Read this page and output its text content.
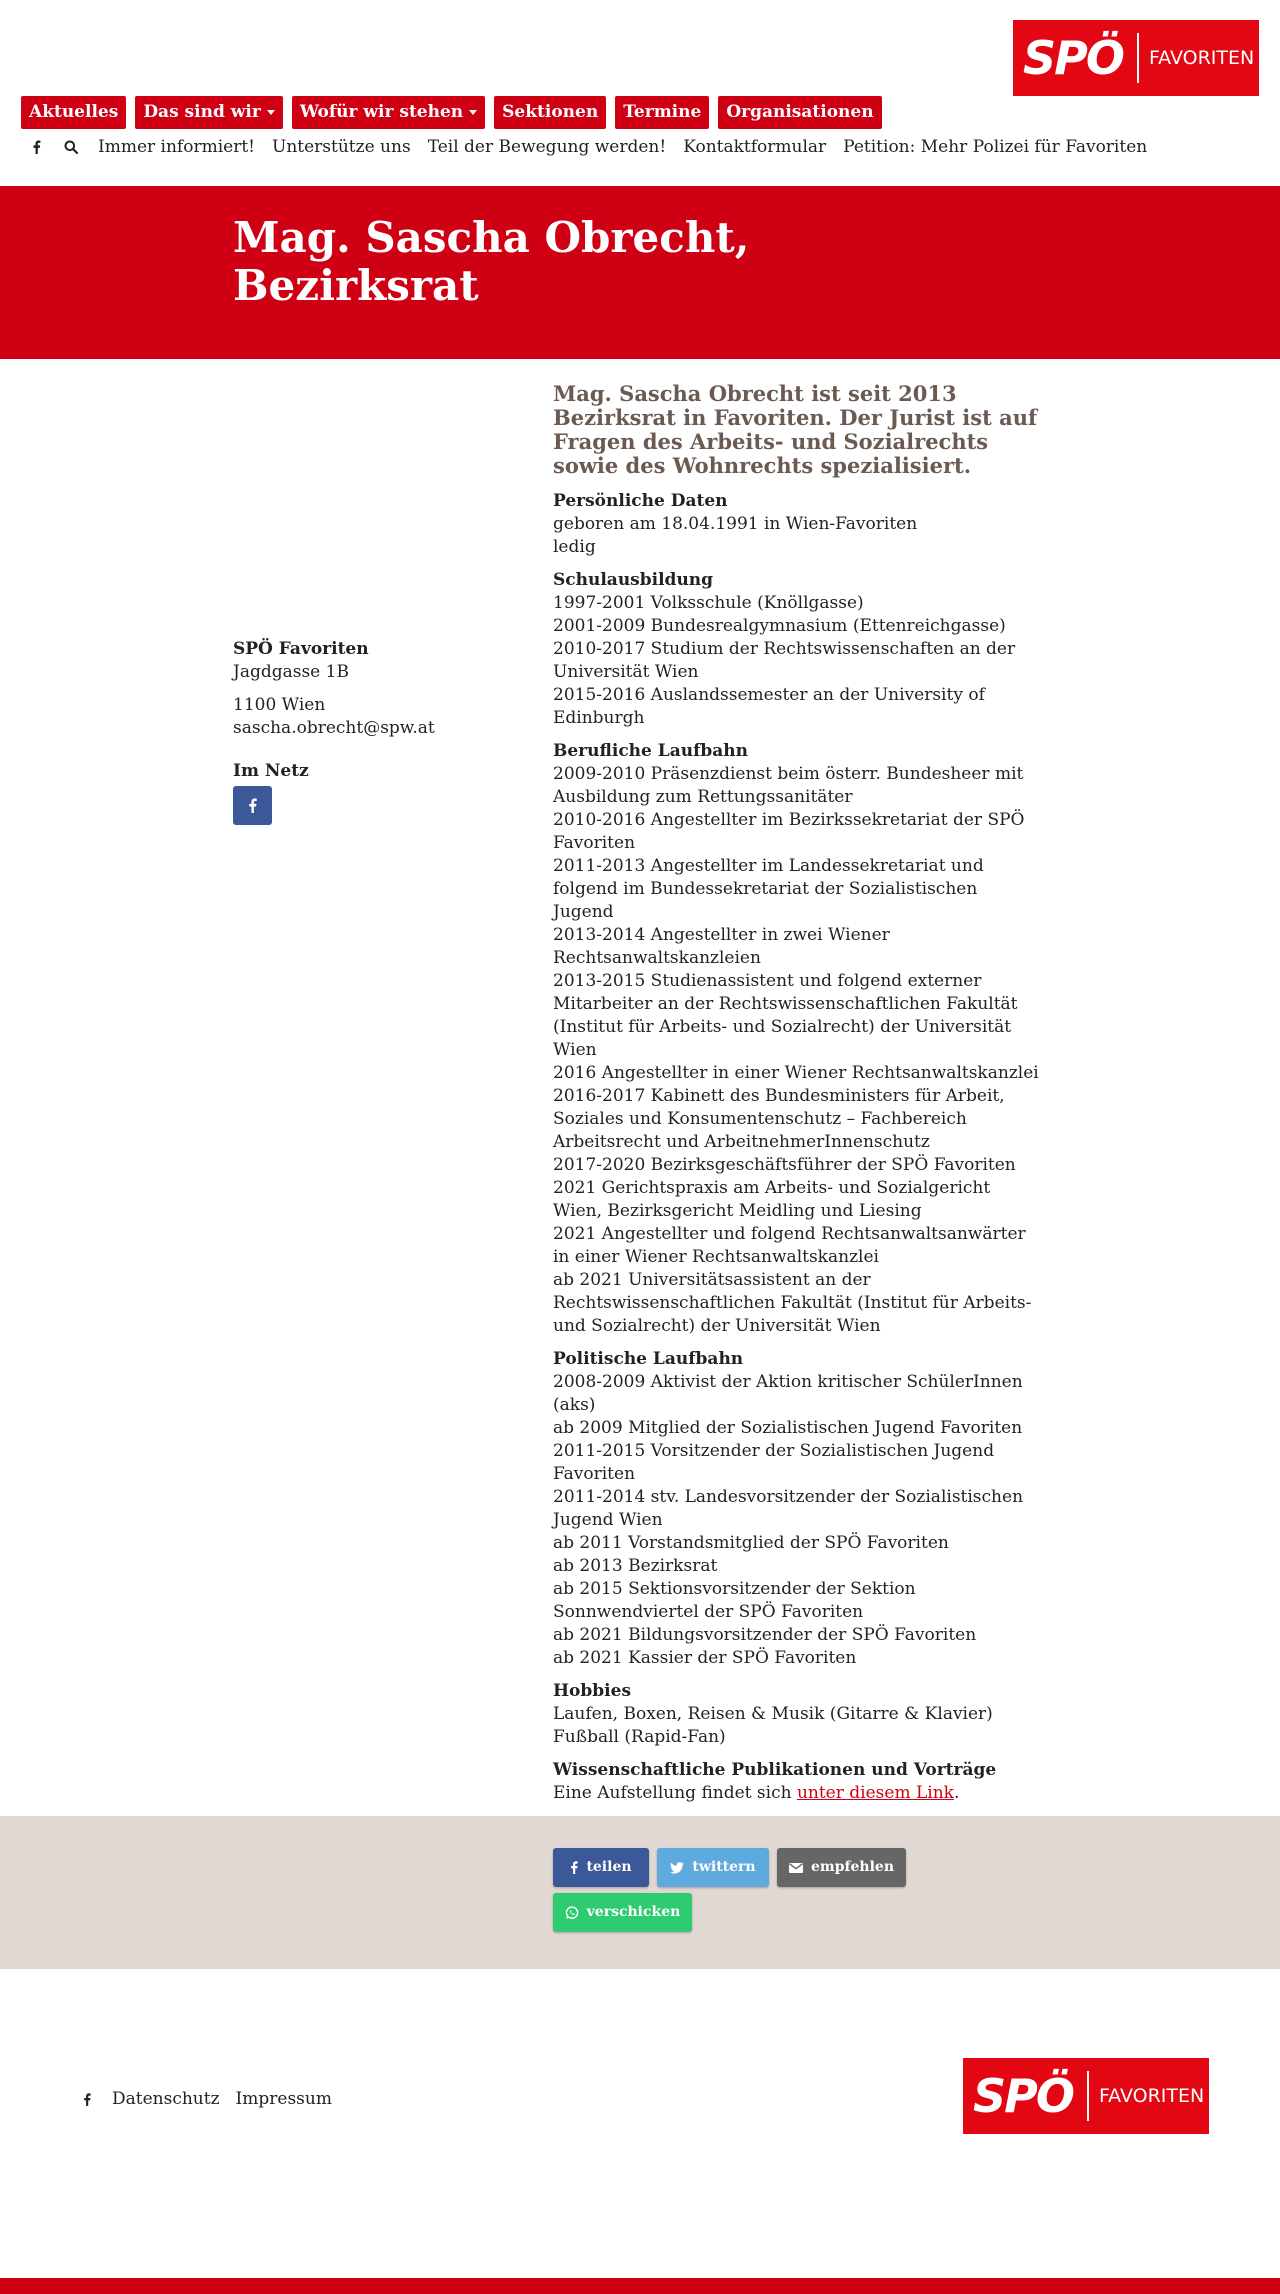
SPÖ	FAVORITEN
Aktuelles	Das sind wir	Wofür wir stehen	Sektionen	Termine	Organisationen
Immer informiert! Unterstütze uns Teil der Bewegung werden! Kontaktformular Petition: Mehr Polizei für Favoriten
Mag. Sascha Obrecht,
Bezirksrat
SPÖ Favoriten
Jagdgasse 1B
1100 Wien
sascha.obrecht@spw.at
Im Netz
Mag. Sascha Obrecht ist seit 2013 Bezirksrat in Favoriten. Der Jurist ist auf Fragen des Arbeits- und Sozialrechts sowie des Wohnrechts spezialisiert.
Persönliche Daten

geboren am 18.04.1991 in Wien-Favoriten

ledig

Schulausbildung

1997-2001 Volksschule (Knöllgasse)

2001-2009 Bundesrealgymnasium (Ettenreichgasse)

2010-2017 Studium der Rechtswissenschaften an der Universität Wien

2015-2016 Auslandssemester an der University of Edinburgh

Berufliche Laufbahn

2009-2010 Präsenzdienst beim österr. Bundesheer mit Ausbildung zum Rettungssanitäter

2010-2016 Angestellter im Bezirkssekretariat der SPÖ Favoriten

2011-2013 Angestellter im Landessekretariat und folgend im Bundessekretariat der Sozialistischen Jugend

2013-2014 Angestellter in zwei Wiener Rechtsanwaltskanzleien

2013-2015 Studienassistent und folgend externer Mitarbeiter an der Rechtswissenschaftlichen Fakultät (Institut für Arbeits- und Sozialrecht) der Universität Wien

2016 Angestellter in einer Wiener Rechtsanwaltskanzlei

2016-2017 Kabinett des Bundesministers für Arbeit, Soziales und Konsumentenschutz – Fachbereich Arbeitsrecht und ArbeitnehmerInnenschutz

2017-2020 Bezirksgeschäftsführer der SPÖ Favoriten

2021 Gerichtspraxis am Arbeits- und Sozialgericht Wien, Bezirksgericht Meidling und Liesing

2021 Angestellter und folgend Rechtsanwaltsanwärter in einer Wiener Rechtsanwaltskanzlei

ab 2021 Universitätsassistent an der Rechtswissenschaftlichen Fakultät (Institut für Arbeits- und Sozialrecht) der Universität Wien

Politische Laufbahn

2008-2009 Aktivist der Aktion kritischer SchülerInnen (aks)

ab 2009 Mitglied der Sozialistischen Jugend Favoriten

2011-2015 Vorsitzender der Sozialistischen Jugend Favoriten

2011-2014 stv. Landesvorsitzender der Sozialistischen Jugend Wien

ab 2011 Vorstandsmitglied der SPÖ Favoriten

ab 2013 Bezirksrat

ab 2015 Sektionsvorsitzender der Sektion Sonnwendviertel der SPÖ Favoriten

ab 2021 Bildungsvorsitzender der SPÖ Favoriten

ab 2021 Kassier der SPÖ Favoriten

Hobbies

Laufen, Boxen, Reisen & Musik (Gitarre & Klavier)

Fußball (Rapid-Fan)

Wissenschaftliche Publikationen und Vorträge

Eine Aufstellung findet sich unter diesem Link.

teilen	twittern	empfehlen
verschicken
Datenschutz Impressum	SPÖ	FAVORITEN
